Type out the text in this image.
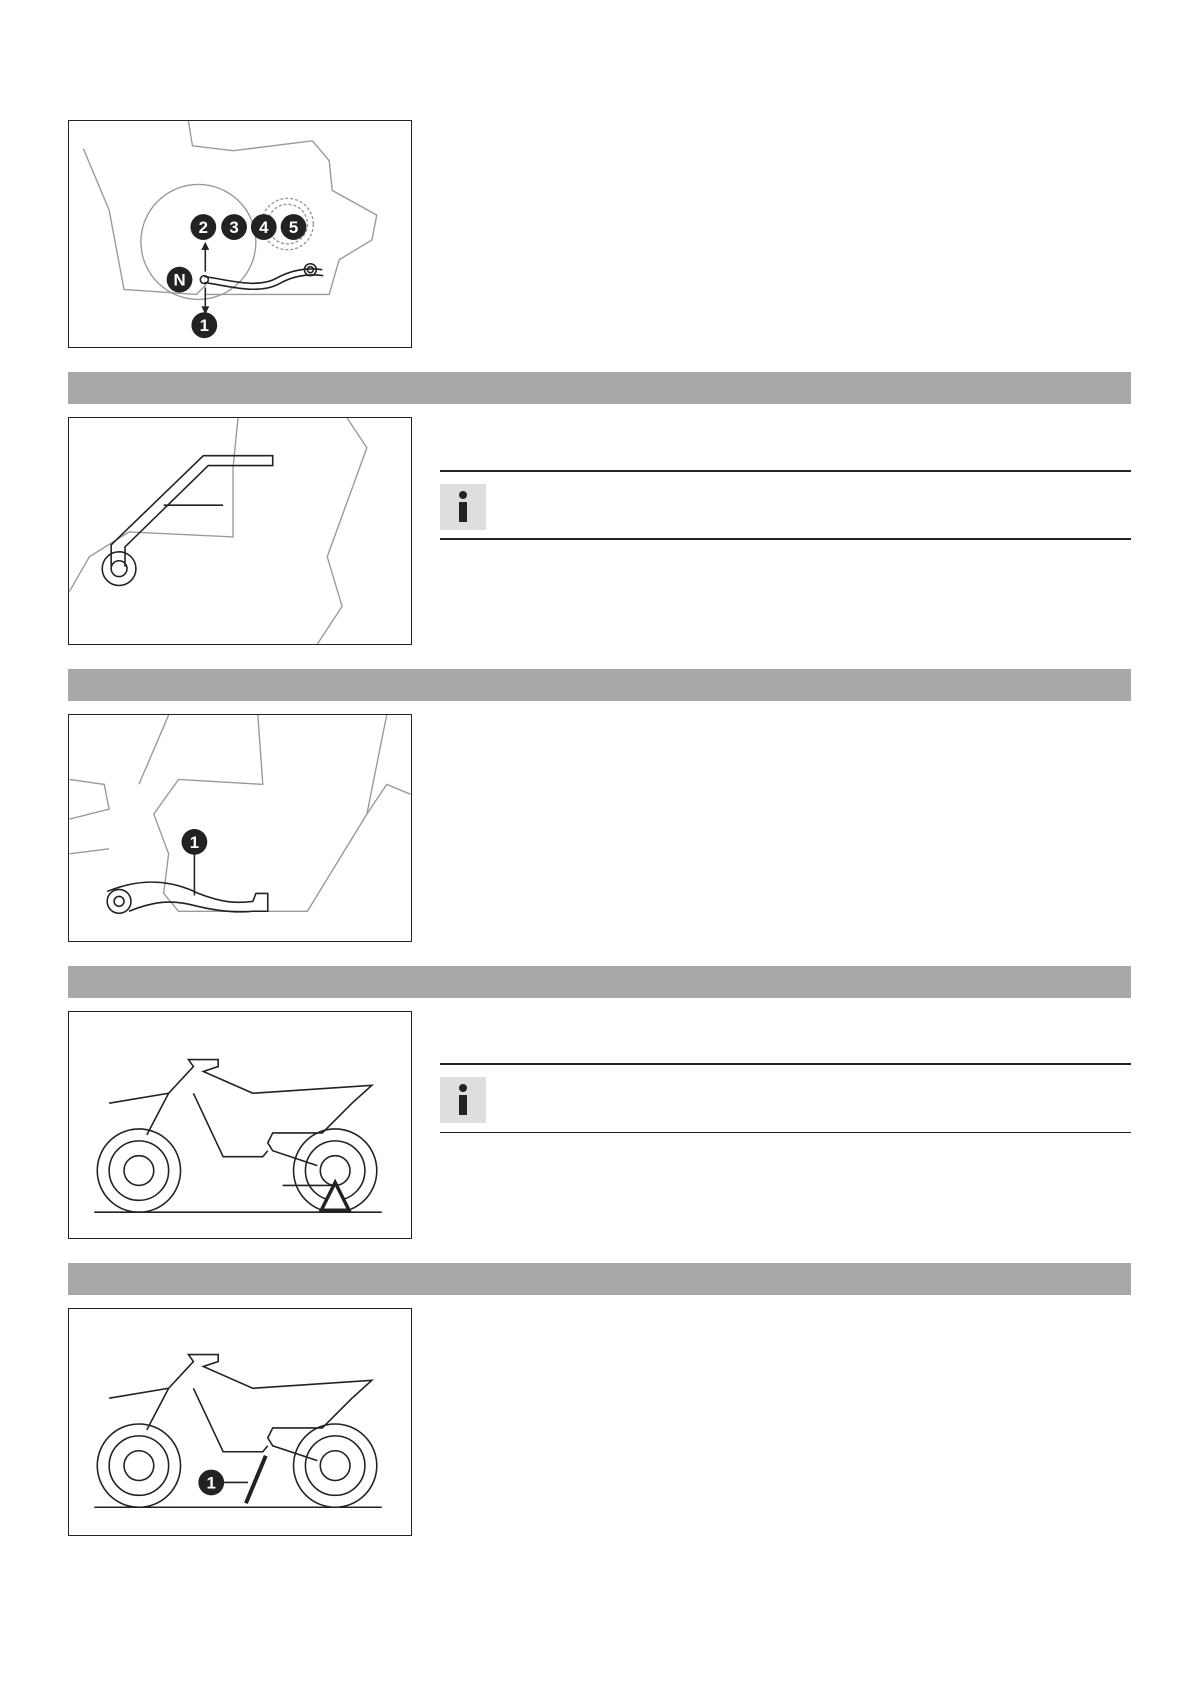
2 3 4 5
N
1
1
1
